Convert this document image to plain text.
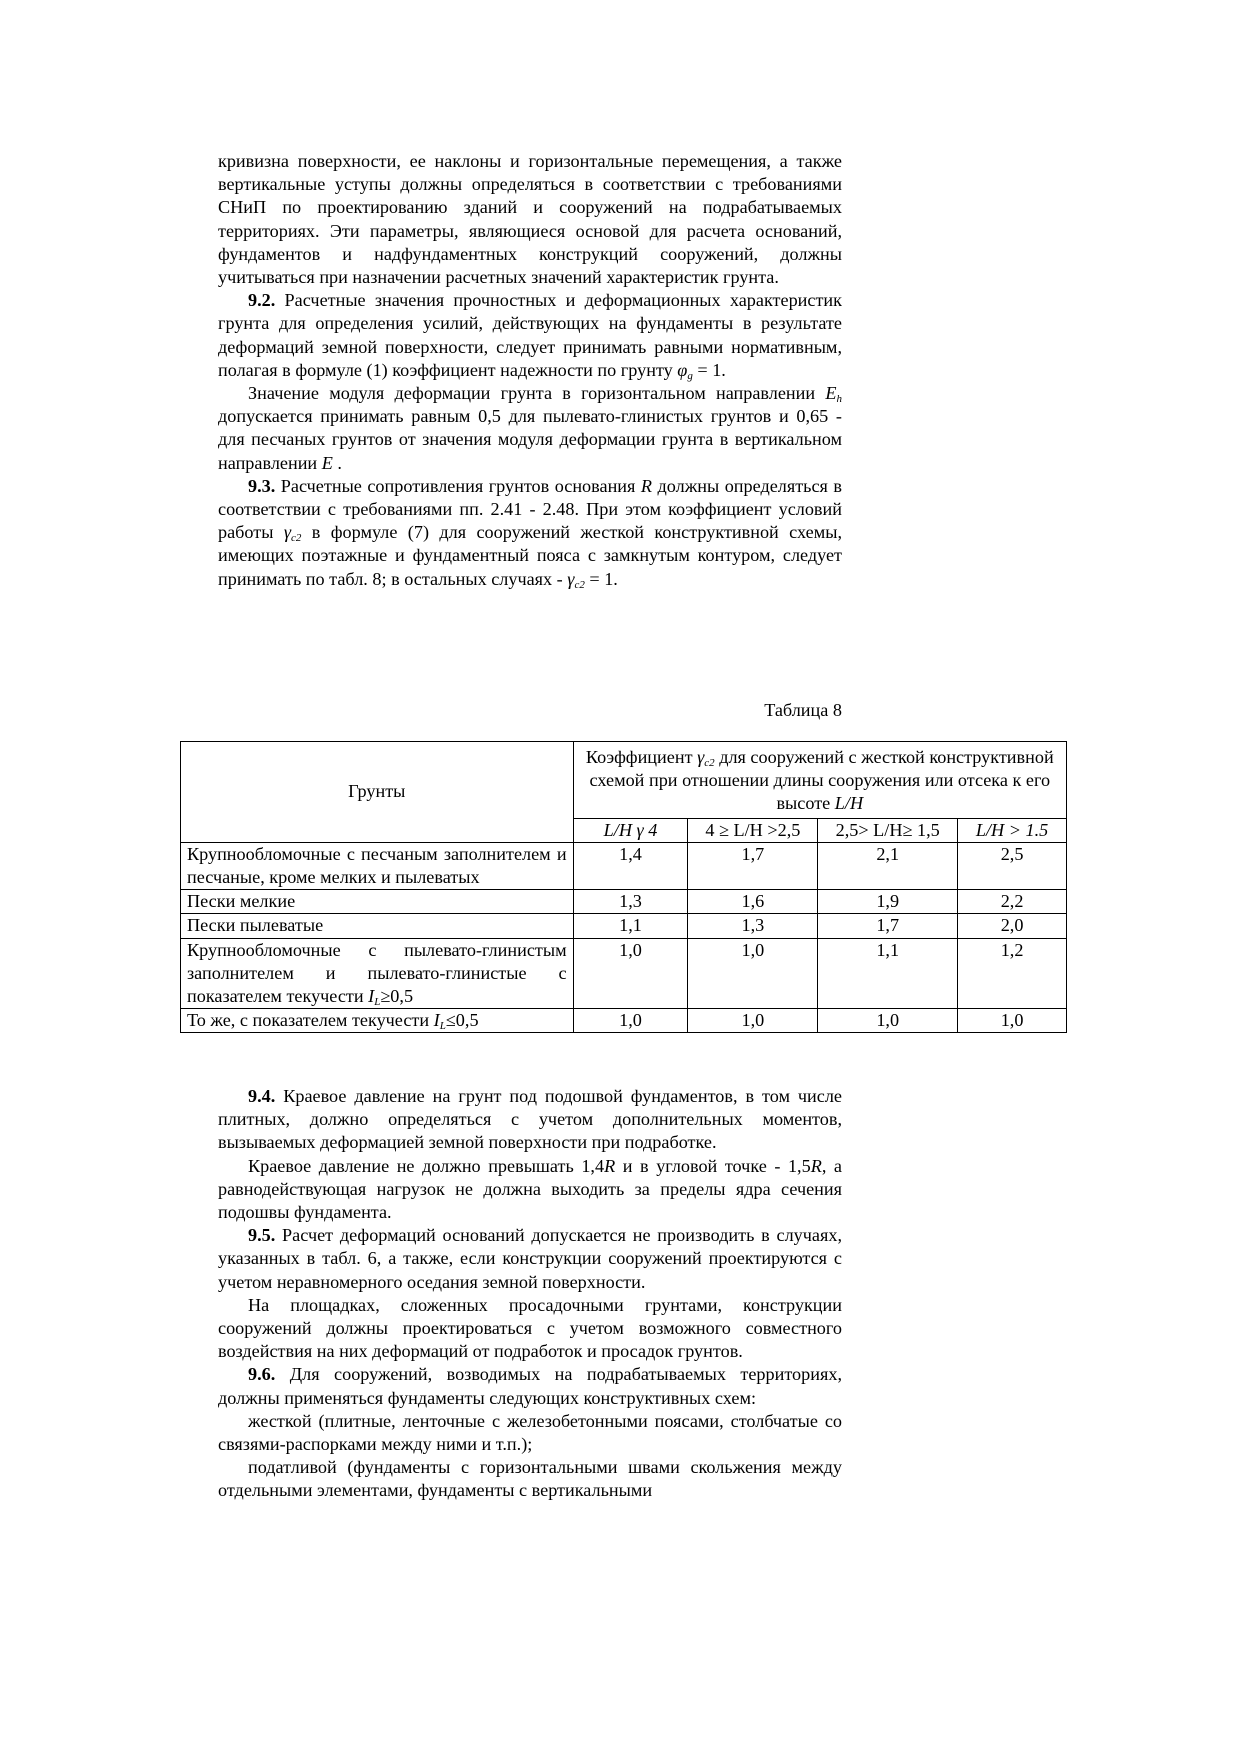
кривизна поверхности, ее наклоны и горизонтальные перемещения, а также вертикальные уступы должны определяться в соответствии с требованиями СНиП по проектированию зданий и сооружений на подрабатываемых территориях. Эти параметры, являющиеся основой для расчета оснований, фундаментов и надфундаментных конструкций сооружений, должны учитываться при назначении расчетных значений характеристик грунта.

9.2. Расчетные значения прочностных и деформационных характеристик грунта для определения усилий, действующих на фундаменты в результате деформаций земной поверхности, следует принимать равными нормативным, полагая в формуле (1) коэффициент надежности по грунту $\varphi_g = 1$.

Значение модуля деформации грунта в горизонтальном направлении $E_h$ допускается принимать равным 0,5 для пылевато-глинистых грунтов и 0,65 - для песчаных грунтов от значения модуля деформации грунта в вертикальном направлении E .

9.3. Расчетные сопротивления грунтов основания R должны определяться в соответствии с требованиями пп. 2.41 - 2.48. При этом коэффициент условий работы $\gamma_{c2}$ в формуле (7) для сооружений жесткой конструктивной схемы, имеющих поэтажные и фундаментный пояса с замкнутым контуром, следует принимать по табл. 8; в остальных случаях - $\gamma_{c2} = 1$.

Таблица 8
Грунты	Коэффициент $\gamma_{c2}$ для сооружений с жесткой конструктивной схемой при отношении длины сооружения или отсека к его высоте L/H			
	L/H γ 4	4 ≥ L/H >2,5	2,5> L/H≥ 1,5	L/H > 1.5
Крупнообломочные с песчаным заполнителем и песчаные, кроме мелких и пылеватых	1,4	1,7	2,1	2,5
Пески мелкие	1,3	1,6	1,9	2,2
Пески пылеватые	1,1	1,3	1,7	2,0
Крупнообломочные с пылевато-глинистым заполнителем и пылевато-глинистые с показателем текучести $I_L\ge 0,5$	1,0	1,0	1,1	1,2
То же, с показателем текучести $I_L\le 0,5$	1,0	1,0	1,0	1,0

9.4. Краевое давление на грунт под подошвой фундаментов, в том числе плитных, должно определяться с учетом дополнительных моментов, вызываемых деформацией земной поверхности при подработке.

Краевое давление не должно превышать 1,4R и в угловой точке - 1,5R, а равнодействующая нагрузок не должна выходить за пределы ядра сечения подошвы фундамента.

9.5. Расчет деформаций оснований допускается не производить в случаях, указанных в табл. 6, а также, если конструкции сооружений проектируются с учетом неравномерного оседания земной поверхности.

На площадках, сложенных просадочными грунтами, конструкции сооружений должны проектироваться с учетом возможного совместного воздействия на них деформаций от подработок и просадок грунтов.

9.6. Для сооружений, возводимых на подрабатываемых территориях, должны применяться фундаменты следующих конструктивных схем:

жесткой (плитные, ленточные с железобетонными поясами, столбчатые со связями-распорками между ними и т.п.);

податливой (фундаменты с горизонтальными швами скольжения между отдельными элементами, фундаменты с вертикальными
